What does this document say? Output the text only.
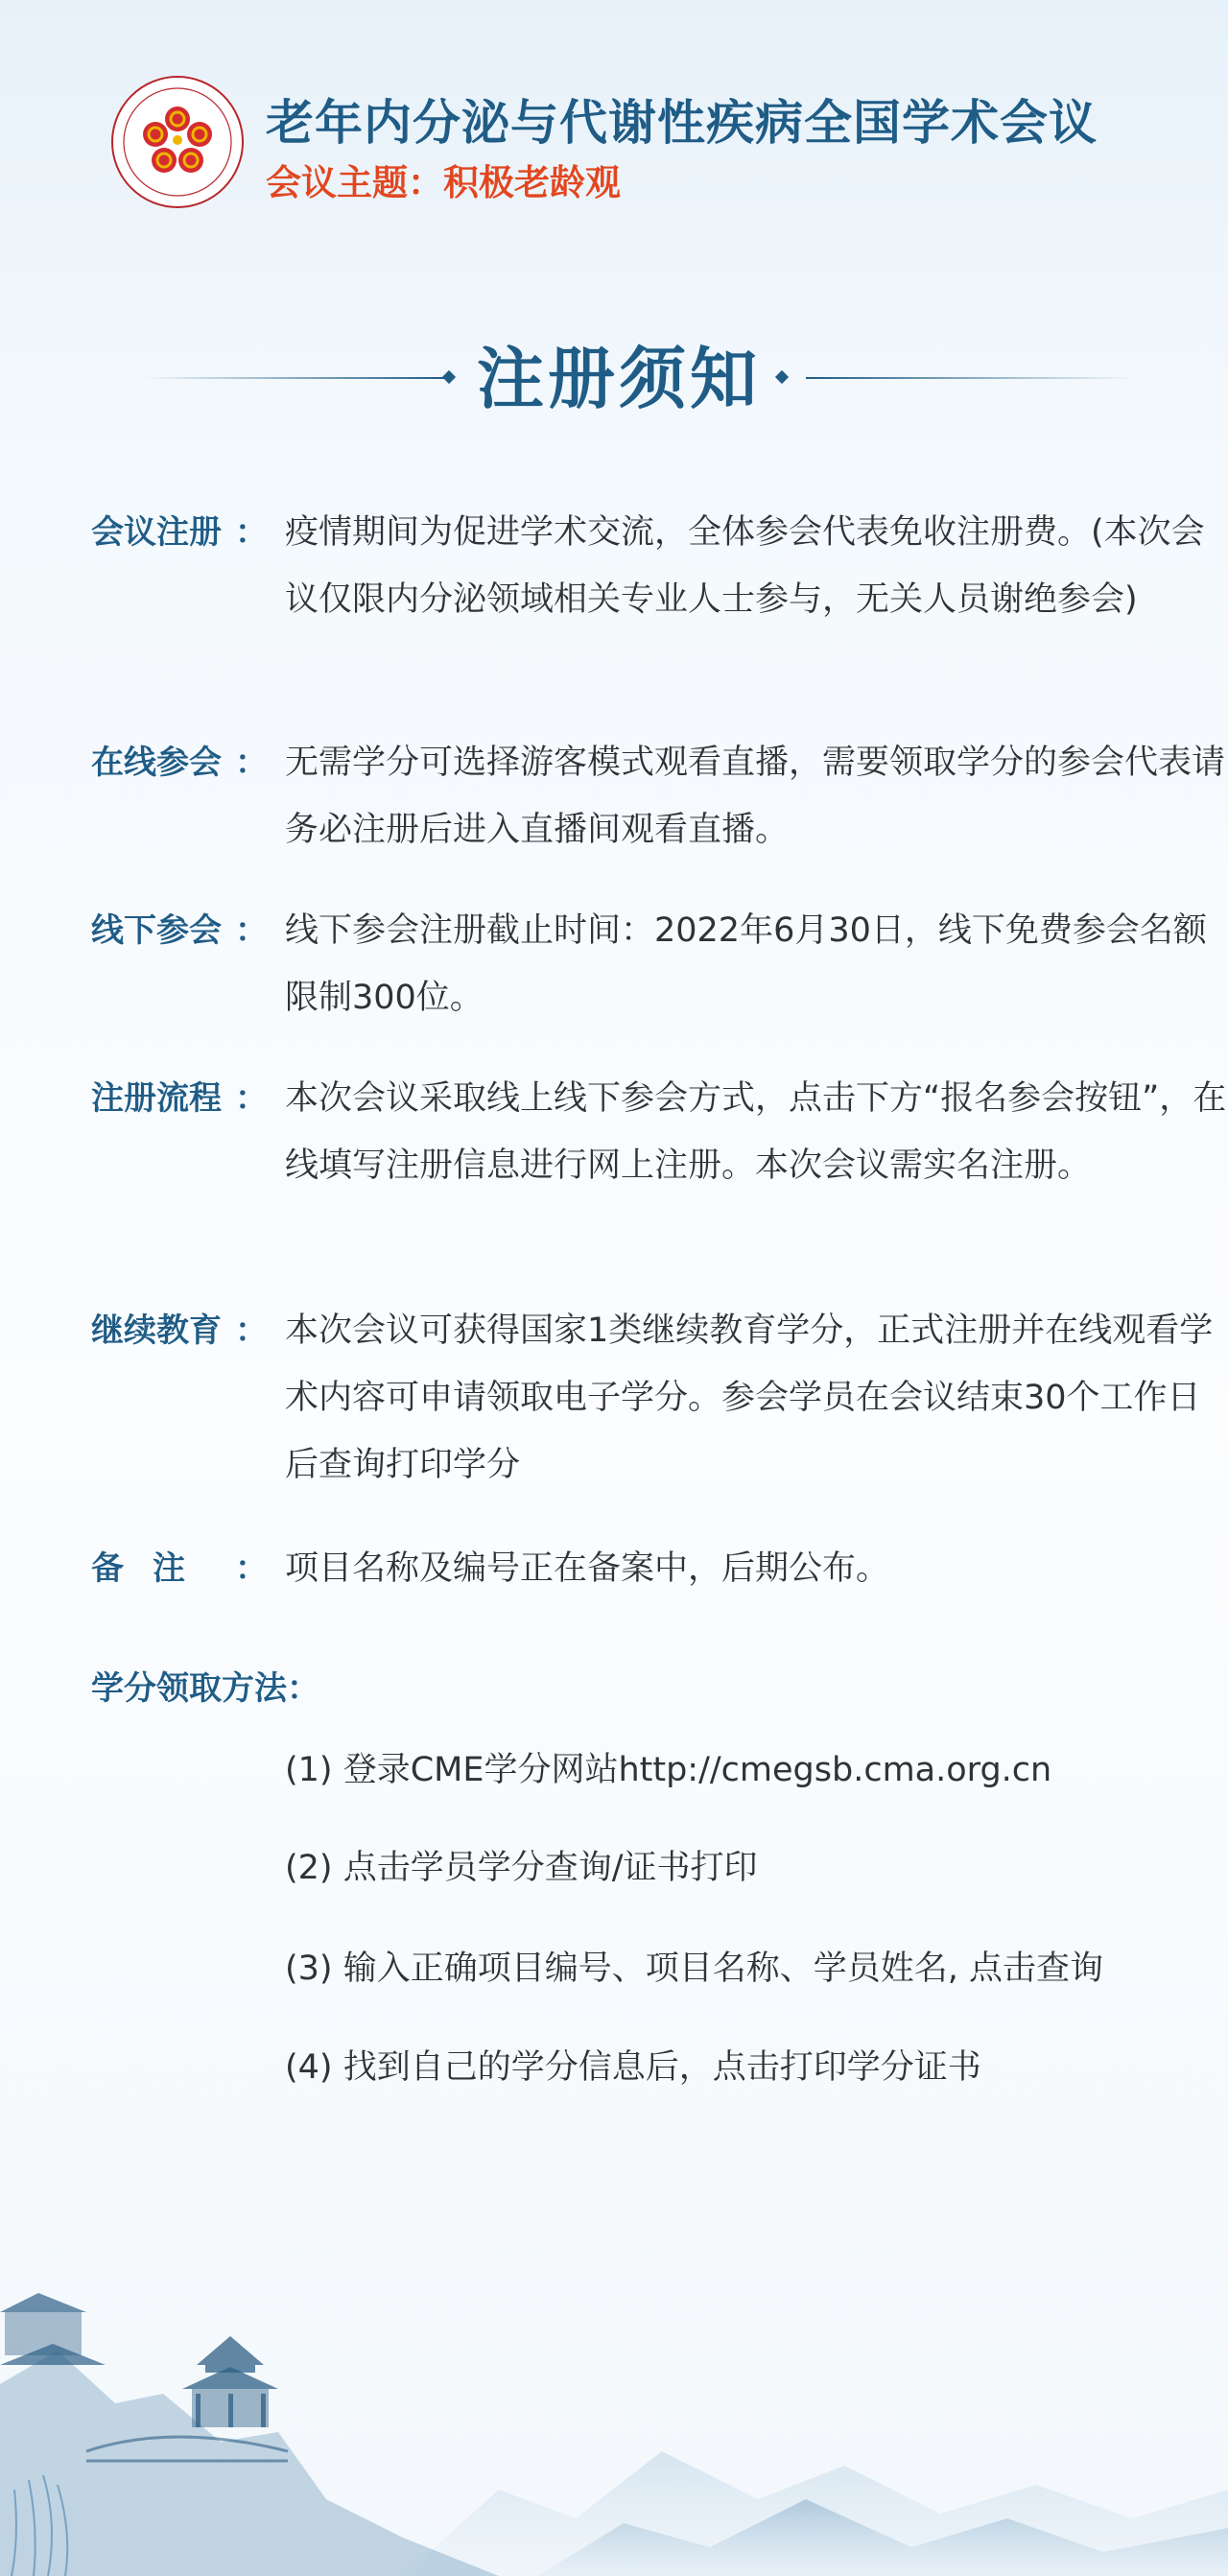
老年内分泌与代谢性疾病全国学术会议
会议主题：积极老龄观
注册须知
会议注册 ： 疫情期间为促进学术交流，全体参会代表免收注册费。(本次会议仅限内分泌领域相关专业人士参与，无关人员谢绝参会)
在线参会 ： 无需学分可选择游客模式观看直播，需要领取学分的参会代表请务必注册后进入直播间观看直播。
线下参会 ： 线下参会注册截止时间：2022年6月30日，线下免费参会名额限制300位。
注册流程 ： 本次会议采取线上线下参会方式，点击下方“报名参会按钮”，在线填写注册信息进行网上注册。本次会议需实名注册。
继续教育 ： 本次会议可获得国家1类继续教育学分，正式注册并在线观看学术内容可申请领取电子学分。参会学员在会议结束30个工作日后查询打印学分
备注 ： 项目名称及编号正在备案中，后期公布。
学分领取方法：
(1) 登录CME学分网站http://cmegsb.cma.org.cn
(2) 点击学员学分查询/证书打印
(3) 输入正确项目编号、项目名称、学员姓名, 点击查询
(4) 找到自己的学分信息后，点击打印学分证书
